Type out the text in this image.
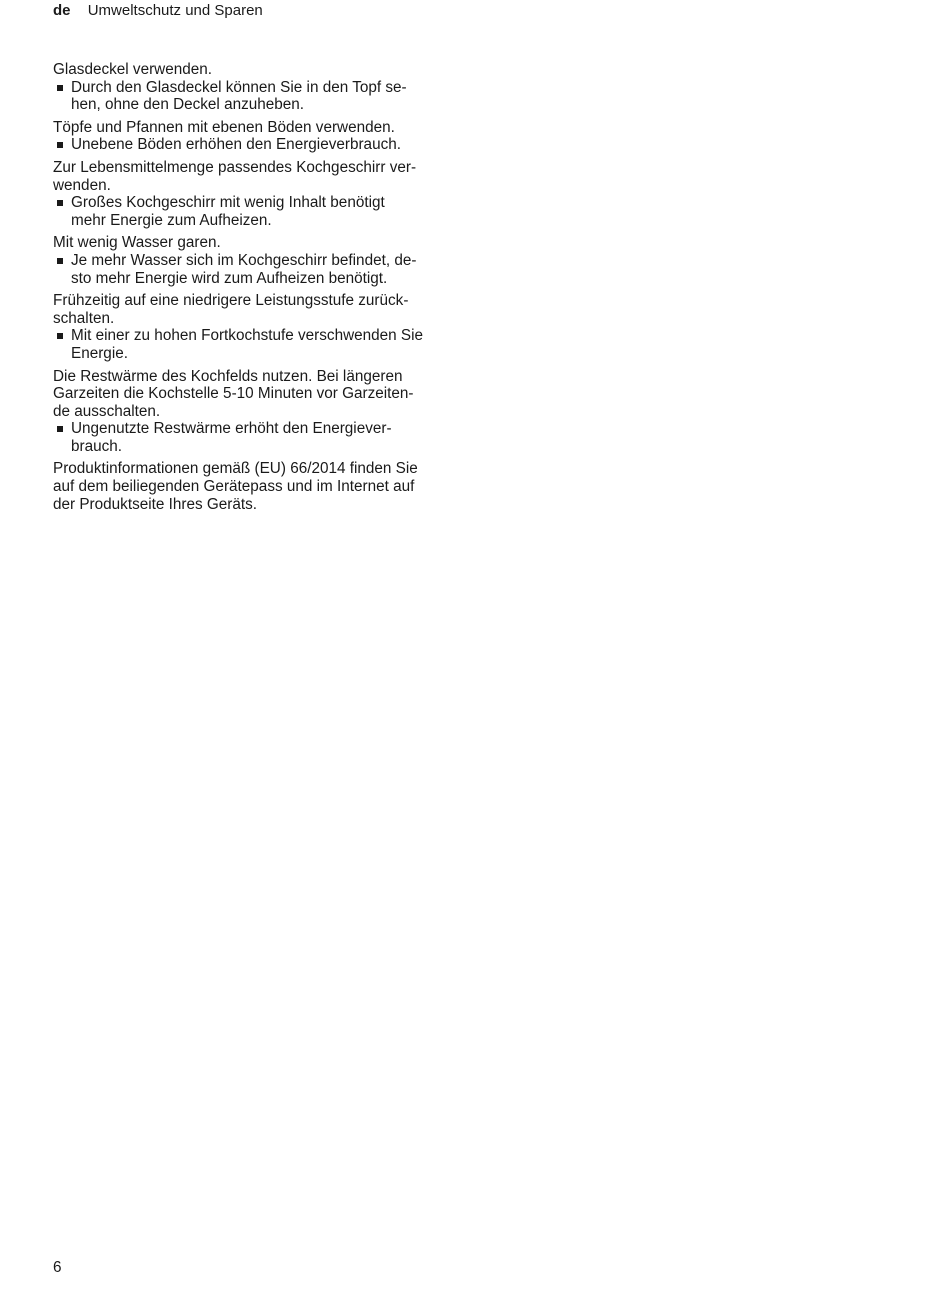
de Umweltschutz und Sparen
Glasdeckel verwenden.
Durch den Glasdeckel können Sie in den Topf se-
hen, ohne den Deckel anzuheben.
Töpfe und Pfannen mit ebenen Böden verwenden.
Unebene Böden erhöhen den Energieverbrauch.
Zur Lebensmittelmenge passendes Kochgeschirr ver-
wenden.
Großes Kochgeschirr mit wenig Inhalt benötigt
mehr Energie zum Aufheizen.
Mit wenig Wasser garen.
Je mehr Wasser sich im Kochgeschirr befindet, de-
sto mehr Energie wird zum Aufheizen benötigt.
Frühzeitig auf eine niedrigere Leistungsstufe zurück-
schalten.
Mit einer zu hohen Fortkochstufe verschwenden Sie
Energie.
Die Restwärme des Kochfelds nutzen. Bei längeren
Garzeiten die Kochstelle 5-10 Minuten vor Garzeiten-
de ausschalten.
Ungenutzte Restwärme erhöht den Energiever-
brauch.
Produktinformationen gemäß (EU) 66/2014 finden Sie
auf dem beiliegenden Gerätepass und im Internet auf
der Produktseite Ihres Geräts.
6
